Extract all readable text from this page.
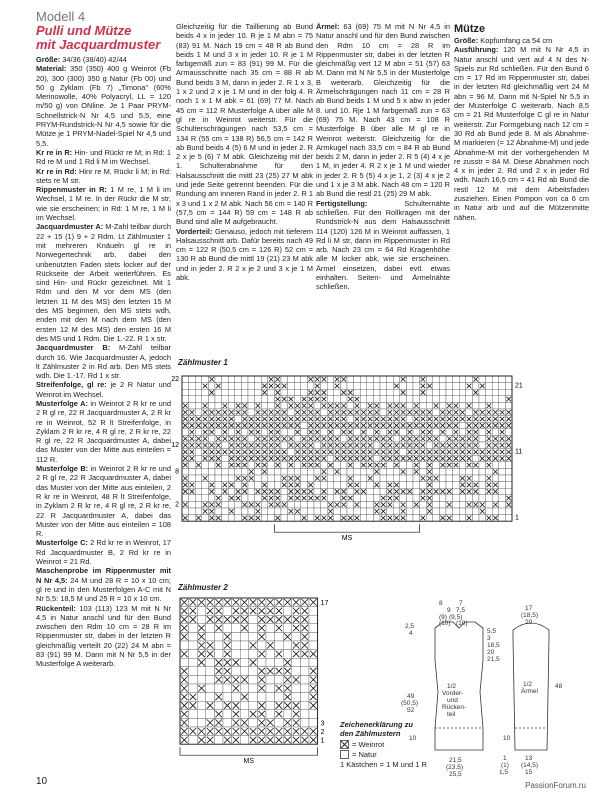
Modell 4
Pulli und Mütze
mit Jacquardmuster

Größe: 34/36 (38/40) 42/44

Material: 350 (350) 400 g Weinrot (Fb 20), 300 (300) 350 g Natur (Fb 00) und 50 g Zyklam (Fb 7) „Timona" (60% Merinowolle, 40% Polyacryl, LL = 120 m/50 g) von ONline. Je 1 Paar PRYM-Schnellstrick-N Nr 4,5 und 5,5, eine PRYM-Rundstrick-N Nr 4,5 sowie für die Mütze je 1 PRYM-Nadel-Spiel Nr 4,5 und 5,5.

Kr re in R: Hin- und Rückr re M; in Rd: 1 Rd re M und 1 Rd li M im Wechsel.

Kr re in Rd: Hinr re M, Rückr li M; in Rd: stets re M str.

Rippenmuster in R: 1 M re, 1 M li im Wechsel, 1 M re. In der Rückr die M str, wie sie erscheinen; in Rd: 1 M re, 1 M li im Wechsel.

Jacquardmuster A: M-Zahl teilbar durch 22 + 15 (1) 9 + 2 Rdm. Lt Zählmuster 1 mit mehreren Knäueln gl re in Norwegertechnik arb, dabei den unbenutzten Faden stets locker auf der Rückseite der Arbeit weiterführen. Es sind Hin- und Rückr gezeichnet. Mit 1 Rdm und den M vor dem MS (den letzten 11 M des MS) den letzten 15 M des MS beginnen, den MS stets wdh, enden mit den M nach dem MS (den ersten 12 M des MS) den ersten 16 M des MS und 1 Rdm. Die 1.-22. R 1 x str.

Jacquardmuster B: M-Zahl teilbar durch 16. Wie Jacquardmuster A, jedoch lt Zählmuster 2 in Rd arb. Den MS stets wdh. Die 1.-17. Rd 1 x str.

Streifenfolge, gl re: je 2 R Natur und Weinrot im Wechsel.

Musterfolge A: in Weinrot 2 R kr re und 2 R gl re, 22 R Jacquardmuster A, 2 R kr re in Weinrot, 52 R lt Streifenfolge, in Zyklam 2 R kr re, 4 R gl re, 2 R kr re, 22 R gl re, 22 R Jacquardmuster A, dabei das Muster von der Mitte aus einteilen = 112 R.

Musterfolge B: in Weinrot 2 R kr re und 2 R gl re, 22 R Jacquardmuster A, dabei das Muster von der Mitte aus einteilen, 2 R kr re in Weinrot, 48 R lt Streifenfolge, in Zyklam 2 R kr re, 4 R gl re, 2 R kr re, 22 R Jacquardmuster A, dabei das Muster von der Mitte aus einteilen = 108 R.

Musterfolge C: 2 Rd kr re in Weinrot, 17 Rd Jacquardmuster B, 2 Rd kr re in Weinrot = 21 Rd.

Maschenprobe im Rippenmuster mit N Nr 4,5: 24 M und 28 R = 10 x 10 cm; gl re und in den Musterfolgen A-C mit N Nr 5,5: 18,5 M und 25 R = 10 x 10 cm.

Rückenteil: 103 (113) 123 M mit N Nr 4,5 in Natur anschl und für den Bund zwischen den Rdm 10 cm = 28 R im Rippenmuster str, dabei in der letzten R gleichmäßig verteilt 20 (22) 24 M abn = 83 (91) 99 M. Dann mit N Nr 5,5 in der Musterfolge A weiterarb.

Gleichzeitig für die Taillierung ab Bund beids 4 x in jeder 10. R je 1 M abn = 75 (83) 91 M. Nach 19 cm = 48 R ab Bund beids 1 M und 3 x in jeder 10. R je 1 M farbgemäß zun = 83 (91) 99 M. Für die Armausschnitte nach 35 cm = 88 R ab Bund beids 3 M, dann in jeder 2. R 1 x 3, 1 x 2 und 2 x je 1 M und in der folg 4. R noch 1 x 1 M abk = 61 (69) 77 M. Nach 45 cm = 112 R Musterfolge A über alle M gl re in Weinrot weiterstr. Für die Schulterschrägungen nach 53,5 cm = 134 R (55 cm = 138 R) 56,5 cm = 142 R ab Bund beids 4 (5) 6 M und in jeder 2. R 2 x je 5 (6) 7 M abk. Gleichzeitig mit der 1. Schulterabnahme für den Halsausschnitt die mittl 23 (25) 27 M abk und jede Seite getrennt beenden. Für die Rundung am inneren Rand in jeder 2. R 1 x 3 und 1 x 2 M abk. Nach 56 cm = 140 R (57,5 cm = 144 R) 59 cm = 148 R ab Bund sind alle M aufgebraucht.

Vorderteil: Genauso, jedoch mit tieferem Halsausschnitt arb. Dafür bereits nach 49 cm = 122 R (50,5 cm = 126 R) 52 cm = 130 R ab Bund die mittl 19 (21) 23 M abk und in jeder 2. R 2 x je 2 und 3 x je 1 M abk.

Ärmel: 63 (69) 75 M mit N Nr 4,5 in Natur anschl und für den Bund zwischen den Rdm 10 cm = 28 R im Rippenmuster str, dabei in der letzten R gleichmäßig vert 12 M abn = 51 (57) 63 M. Dann mit N Nr 5,5 in der Musterfolge B weiterarb. Gleichzeitig für die Ärmelschrägungen nach 11 cm = 28 R ab Bund beids 1 M und 5 x abw in jeder 8. und 10. Rje 1 M farbgemäß zun = 63 (69) 75 M. Nach 43 cm = 108 R Musterfolge B über alle M gl re in Weinrot weiterstr. Gleichzeitig für die Armkugel nach 33,5 cm = 84 R ab Bund beids 2 M, dann in jeder 2. R 5 (4) 4 x je 1 M, in jeder 4. R 2 x je 1 M und wieder in jeder 2. R 5 (5) 4 x je 1, 2 (3) 4 x je 2 und 1 x je 3 M abk. Nach 48 cm = 120 R ab Bund die restl 21 (25) 29 M abk.

Fertigstellung: Schulternähte schließen. Für den Rollkragen mit der Rundstrick-N aus dem Halsausschnitt 114 (120) 126 M in Weinrot auffassen, 1 Rd li M str, dann im Rippenmuster in Rd arb. Nach 23 cm = 64 Rd Kragenhöhe alle M locker abk, wie sie erscheinen. Ärmel einsetzen, dabei evtl. etwas einhalten. Seiten- und Ärmelnähte schließen.

Mütze

Größe: Kopfumfang ca 54 cm

Ausführung: 120 M mit N Nr 4,5 in Natur anschl und vert auf 4 N des N-Spiels zur Rd schließen. Für den Bund 6 cm = 17 Rd im Rippenmuster str, dabei in der letzten Rd gleichmäßig vert 24 M abn = 96 M. Dann mit N-Spiel Nr 5,5 in der Musterfolge C weiterarb. Nach 8,5 cm = 21 Rd Musterfolge C gl re in Natur weiterstr. Zur Formgebung nach 12 cm = 30 Rd ab Bund jede 8. M als Abnahme-M markieren (= 12 Abnahme-M) und jede Abnahme-M mit der vorhergehenden M re zusstr = 84 M. Diese Abnahmen noch 4 x in jeder 2. Rd und 2 x in jeder Rd wdh. Nach 16,5 cm = 41 Rd ab Bund die restl 12 M mit dem Arbeitsfaden zusziehen. Einen Pompon von ca 6 cm in Natur arb und auf die Mützenmitte nähen.

Zählmuster 1
22
12
8
2
21
11
1
MS
Zählmuster 2
17
3
2
1
MS
Zeichenerklärung zu
den Zählmustern
= Weinrot
= Natur
1 Kästchen = 1 M und 1 R
1/2
Vorder-
und
Rücken-
teil
1/2
Ärmel
9 7,5
(9) (9,5)
(10) (10)
8	7
2,5
4	5,5
3
18,5
20
21,5
49
(50,5)
52
10
21,5
(23,5)
25,5
17
(18,5)
20
48
10
13
(14,5)
15
1
(1)
1,5
10	PassionForum.ru
